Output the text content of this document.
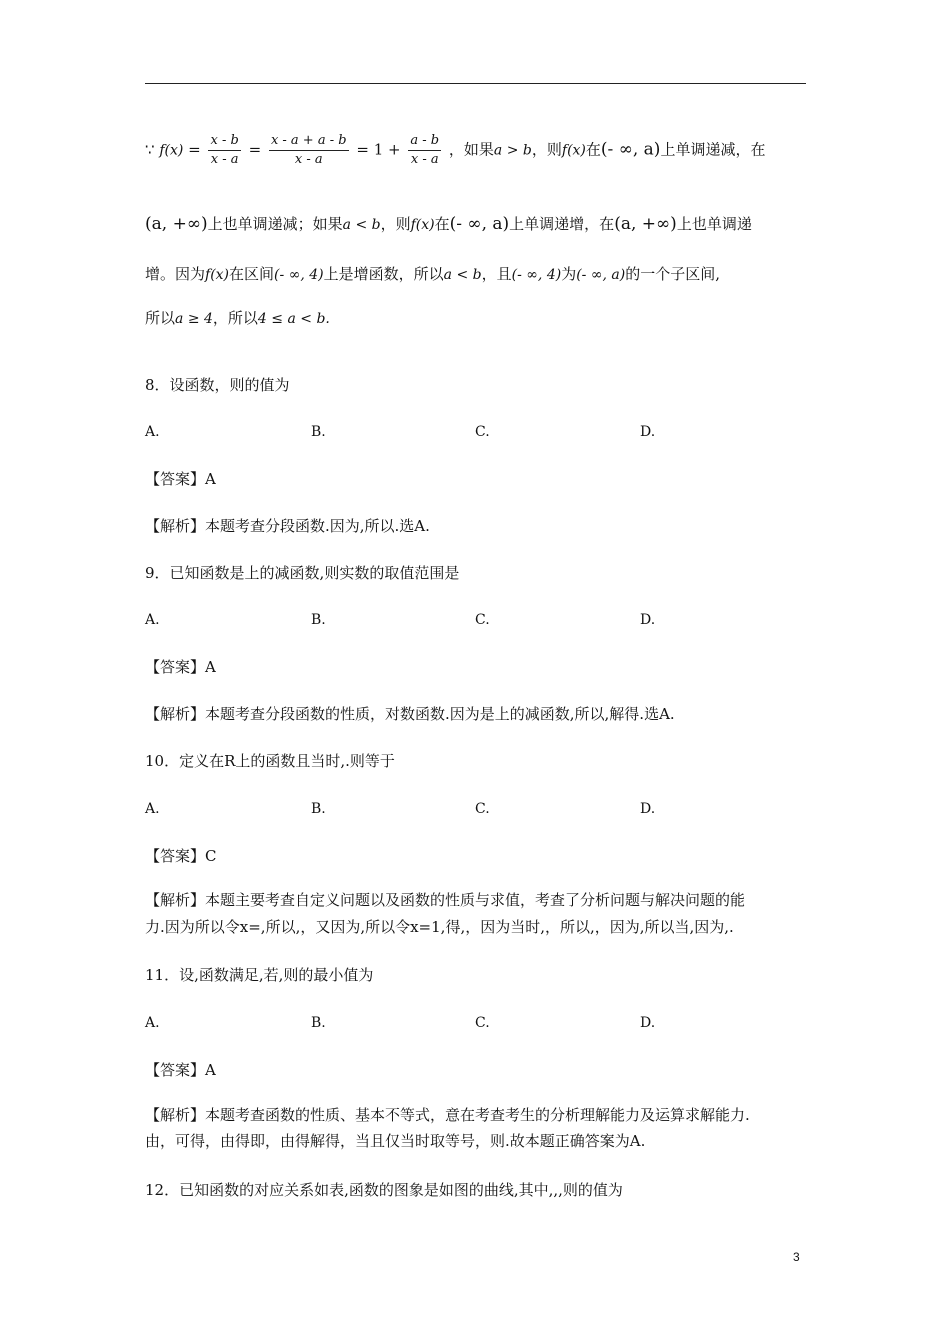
∵ $f(x) = \frac{x - b}{x - a} = \frac{x - a + a - b}{x - a} = 1 + \frac{a - b}{x - a}$ ，如果a > b，则f(x)在(- ∞, a)上单调递减，在
(a, +∞)上也单调递减；如果a < b，则f(x)在(- ∞, a)上单调递增，在(a, +∞)上也单调递
增。因为f(x)在区间(- ∞, 4)上是增函数，所以a < b，且(- ∞, 4)为(- ∞, a)的一个子区间,
所以a ≥ 4，所以4 ≤ a < b.
8．设函数，则的值为
A.	B.	C.	D.
【答案】A
【解析】本题考查分段函数.因为,所以.选A.
9．已知函数是上的减函数,则实数的取值范围是
A.	B.	C.	D.
【答案】A
【解析】本题考查分段函数的性质，对数函数.因为是上的减函数,所以,解得.选A.
10．定义在R上的函数且当时,.则等于
A.	B.	C.	D.
【答案】C
【解析】本题主要考查自定义问题以及函数的性质与求值，考查了分析问题与解决问题的能
力.因为所以令x=,所以,，又因为,所以令x=1,得,，因为当时,，所以,，因为,所以当,因为,.
11．设,函数满足,若,则的最小值为
A.	B.	C.	D.
【答案】A
【解析】本题考查函数的性质、基本不等式，意在考查考生的分析理解能力及运算求解能力.
由，可得，由得即，由得解得，当且仅当时取等号，则.故本题正确答案为A.
12．已知函数的对应关系如表,函数的图象是如图的曲线,其中,,,则的值为
3
